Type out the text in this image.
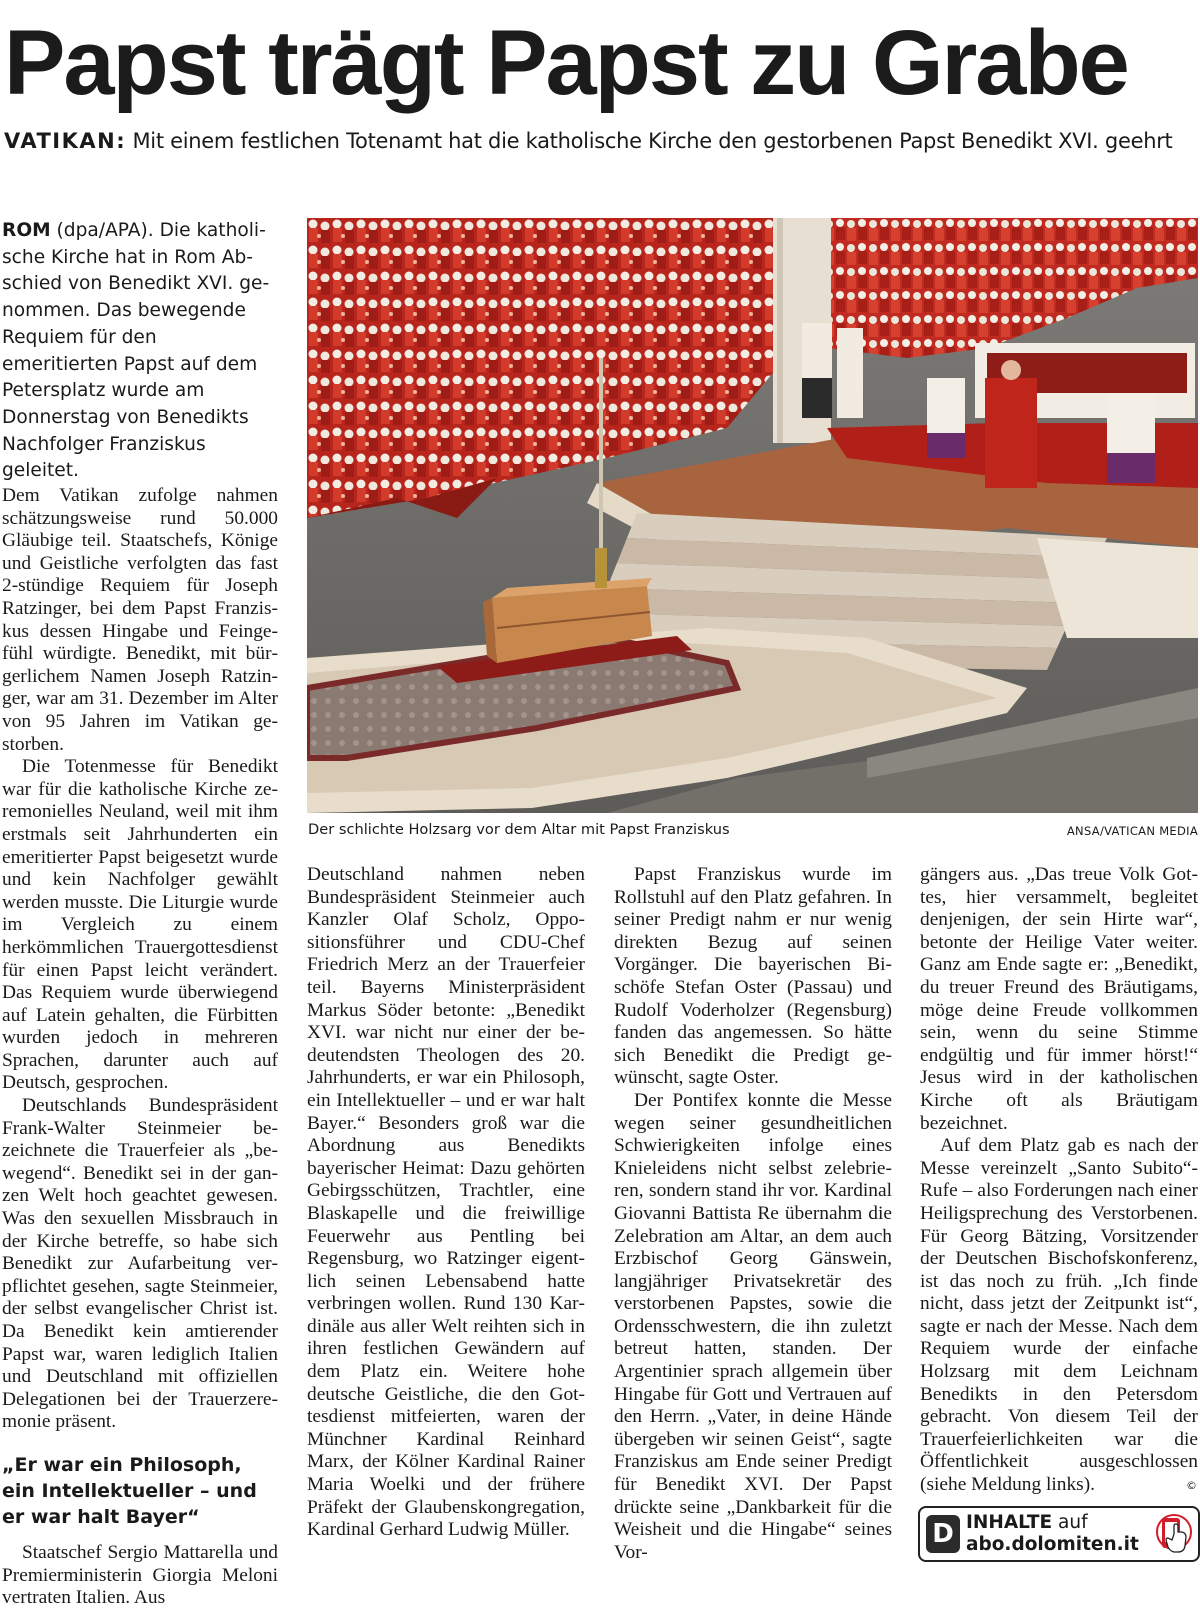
Papst trägt Papst zu Grabe
VATIKAN: Mit einem festlichen Totenamt hat die katholische Kirche den gestorbenen Papst Benedikt XVI. geehrt

ROM (dpa/APA). Die katholische Kirche hat in Rom Abschied von Benedikt XVI. genommen. Das bewegende Requiem für den emeritierten Papst auf dem Petersplatz wurde am Donnerstag von Benedikts Nachfolger Franziskus geleitet.

Dem Vatikan zufolge nahmen schätzungsweise rund 50.000 Gläubige teil. Staatschefs, Könige und Geistliche verfolgten das fast 2-stündige Requiem für Joseph Ratzinger, bei dem Papst Franziskus dessen Hingabe und Feingefühl würdigte. Benedikt, mit bürgerlichem Namen Joseph Ratzinger, war am 31. Dezember im Alter von 95 Jahren im Vatikan gestorben.

Die Totenmesse für Benedikt war für die katholische Kirche zeremonielles Neuland, weil mit ihm erstmals seit Jahrhunderten ein emeritierter Papst beigesetzt wurde und kein Nachfolger gewählt werden musste. Die Liturgie wurde im Vergleich zu einem herkömmlichen Trauergottesdienst für einen Papst leicht verändert. Das Requiem wurde überwiegend auf Latein gehalten, die Fürbitten wurden jedoch in mehreren Sprachen, darunter auch auf Deutsch, gesprochen.

Deutschlands Bundespräsident Frank-Walter Steinmeier bezeichnete die Trauerfeier als „bewegend“. Benedikt sei in der ganzen Welt hoch geachtet gewesen. Was den sexuellen Missbrauch in der Kirche betreffe, so habe sich Benedikt zur Aufarbeitung verpflichtet gesehen, sagte Steinmeier, der selbst evangelischer Christ ist. Da Benedikt kein amtierender Papst war, waren lediglich Italien und Deutschland mit offiziellen Delegationen bei der Trauerzeremonie präsent.

„Er war ein Philosoph, ein Intellektueller – und er war halt Bayer“

Staatschef Sergio Mattarella und Premierministerin Giorgia Meloni vertraten Italien. Aus

Der schlichte Holzsarg vor dem Altar mit Papst Franziskus	ANSA/VATICAN MEDIA

Deutschland nahmen neben Bundespräsident Steinmeier auch Kanzler Olaf Scholz, Oppositionsführer und CDU-Chef Friedrich Merz an der Trauerfeier teil. Bayerns Ministerpräsident Markus Söder betonte: „Benedikt XVI. war nicht nur einer der bedeutendsten Theologen des 20. Jahrhunderts, er war ein Philosoph, ein Intellektueller – und er war halt Bayer.“ Besonders groß war die Abordnung aus Benedikts bayerischer Heimat: Dazu gehörten Gebirgsschützen, Trachtler, eine Blaskapelle und die freiwillige Feuerwehr aus Pentling bei Regensburg, wo Ratzinger eigentlich seinen Lebensabend hatte verbringen wollen. Rund 130 Kardinäle aus aller Welt reihten sich in ihren festlichen Gewändern auf dem Platz ein. Weitere hohe deutsche Geistliche, die den Gottesdienst mitfeierten, waren der Münchner Kardinal Reinhard Marx, der Kölner Kardinal Rainer Maria Woelki und der frühere Präfekt der Glaubenskongregation, Kardinal Gerhard Ludwig Müller.

Papst Franziskus wurde im Rollstuhl auf den Platz gefahren. In seiner Predigt nahm er nur wenig direkten Bezug auf seinen Vorgänger. Die bayerischen Bischöfe Stefan Oster (Passau) und Rudolf Voderholzer (Regensburg) fanden das angemessen. So hätte sich Benedikt die Predigt gewünscht, sagte Oster.

Der Pontifex konnte die Messe wegen seiner gesundheitlichen Schwierigkeiten infolge eines Knieleidens nicht selbst zelebrieren, sondern stand ihr vor. Kardinal Giovanni Battista Re übernahm die Zelebration am Altar, an dem auch Erzbischof Georg Gänswein, langjähriger Privatsekretär des verstorbenen Papstes, sowie die Ordensschwestern, die ihn zuletzt betreut hatten, standen. Der Argentinier sprach allgemein über Hingabe für Gott und Vertrauen auf den Herrn. „Vater, in deine Hände übergeben wir seinen Geist“, sagte Franziskus am Ende seiner Predigt für Benedikt XVI. Der Papst drückte seine „Dankbarkeit für die Weisheit und die Hingabe“ seines Vor-

gängers aus. „Das treue Volk Gottes, hier versammelt, begleitet denjenigen, der sein Hirte war“, betonte der Heilige Vater weiter. Ganz am Ende sagte er: „Benedikt, du treuer Freund des Bräutigams, möge deine Freude vollkommen sein, wenn du seine Stimme endgültig und für immer hörst!“ Jesus wird in der katholischen Kirche oft als Bräutigam bezeichnet.

Auf dem Platz gab es nach der Messe vereinzelt „Santo Subito“-Rufe – also Forderungen nach einer Heiligsprechung des Verstorbenen. Für Georg Bätzing, Vorsitzender der Deutschen Bischofskonferenz, ist das noch zu früh. „Ich finde nicht, dass jetzt der Zeitpunkt ist“, sagte er nach der Messe. Nach dem Requiem wurde der einfache Holzsarg mit dem Leichnam Benedikts in den Petersdom gebracht. Von diesem Teil der Trauerfeierlichkeiten war die Öffentlichkeit ausgeschlossen (siehe Meldung links).	©
D INHALTE auf
abo.dolomiten.it
